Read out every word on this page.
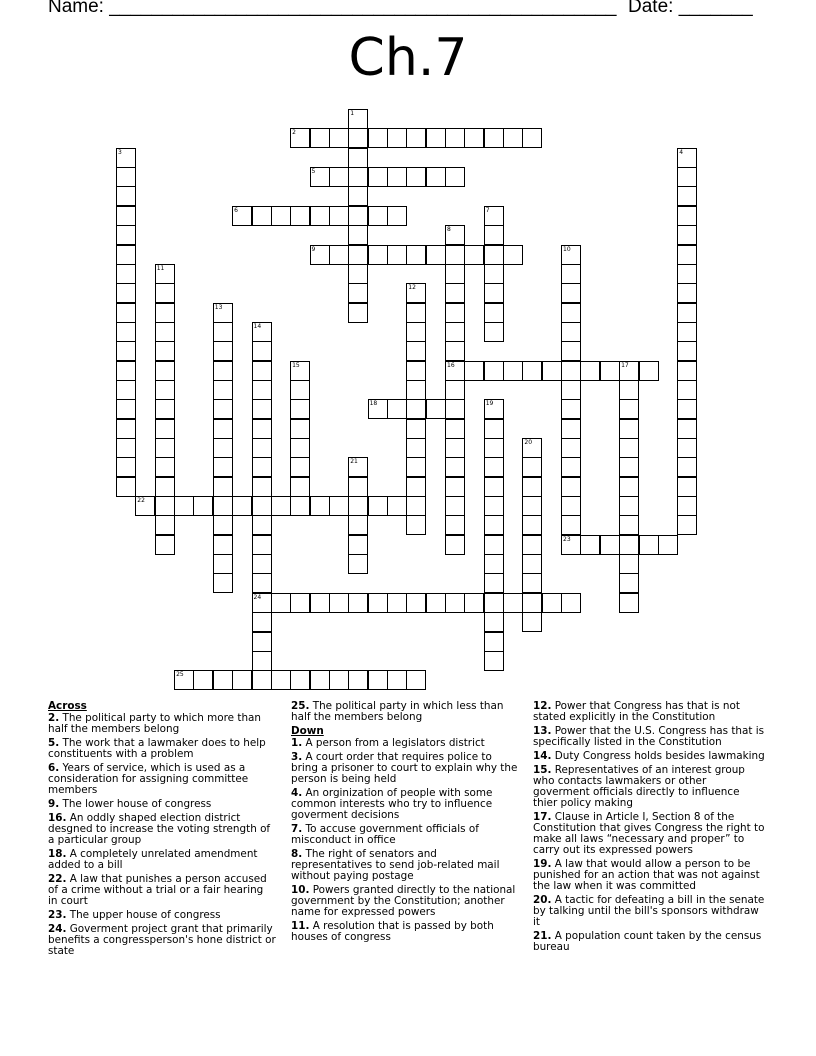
Name: ________________________________________________ Date: _______
Ch.7
1
2
3	4
5
6	7
8
16
9	10
23
11
12
13
14
24
15	17
18	19
20
21
22
25
Across
2. The political party to which more than half the members belong
5. The work that a lawmaker does to help constituents with a problem
6. Years of service, which is used as a consideration for assigning committee members
9. The lower house of congress
16. An oddly shaped election district desgned to increase the voting strength of a particular group
18. A completely unrelated amendment added to a bill
22. A law that punishes a person accused of a crime without a trial or a fair hearing in court
23. The upper house of congress
24. Goverment project grant that primarily benefits a congressperson's hone district or state
25. The political party in which less than half the members belong
Down
1. A person from a legislators district
3. A court order that requires police to bring a prisoner to court to explain why the person is being held
4. An orginization of people with some common interests who try to influence goverment decisions
7. To accuse government officials of misconduct in office
8. The right of senators and representatives to send job-related mail without paying postage
10. Powers granted directly to the national government by the Constitution; another name for expressed powers
11. A resolution that is passed by both houses of congress
12. Power that Congress has that is not stated explicitly in the Constitution
13. Power that the U.S. Congress has that is specifically listed in the Constitution
14. Duty Congress holds besides lawmaking
15. Representatives of an interest group who contacts lawmakers or other goverment officials directly to influence thier policy making
17. Clause in Article I, Section 8 of the Constitution that gives Congress the right to make all laws “necessary and proper” to carry out its expressed powers
19. A law that would allow a person to be punished for an action that was not against the law when it was committed
20. A tactic for defeating a bill in the senate by talking until the bill's sponsors withdraw it
21. A population count taken by the census bureau
